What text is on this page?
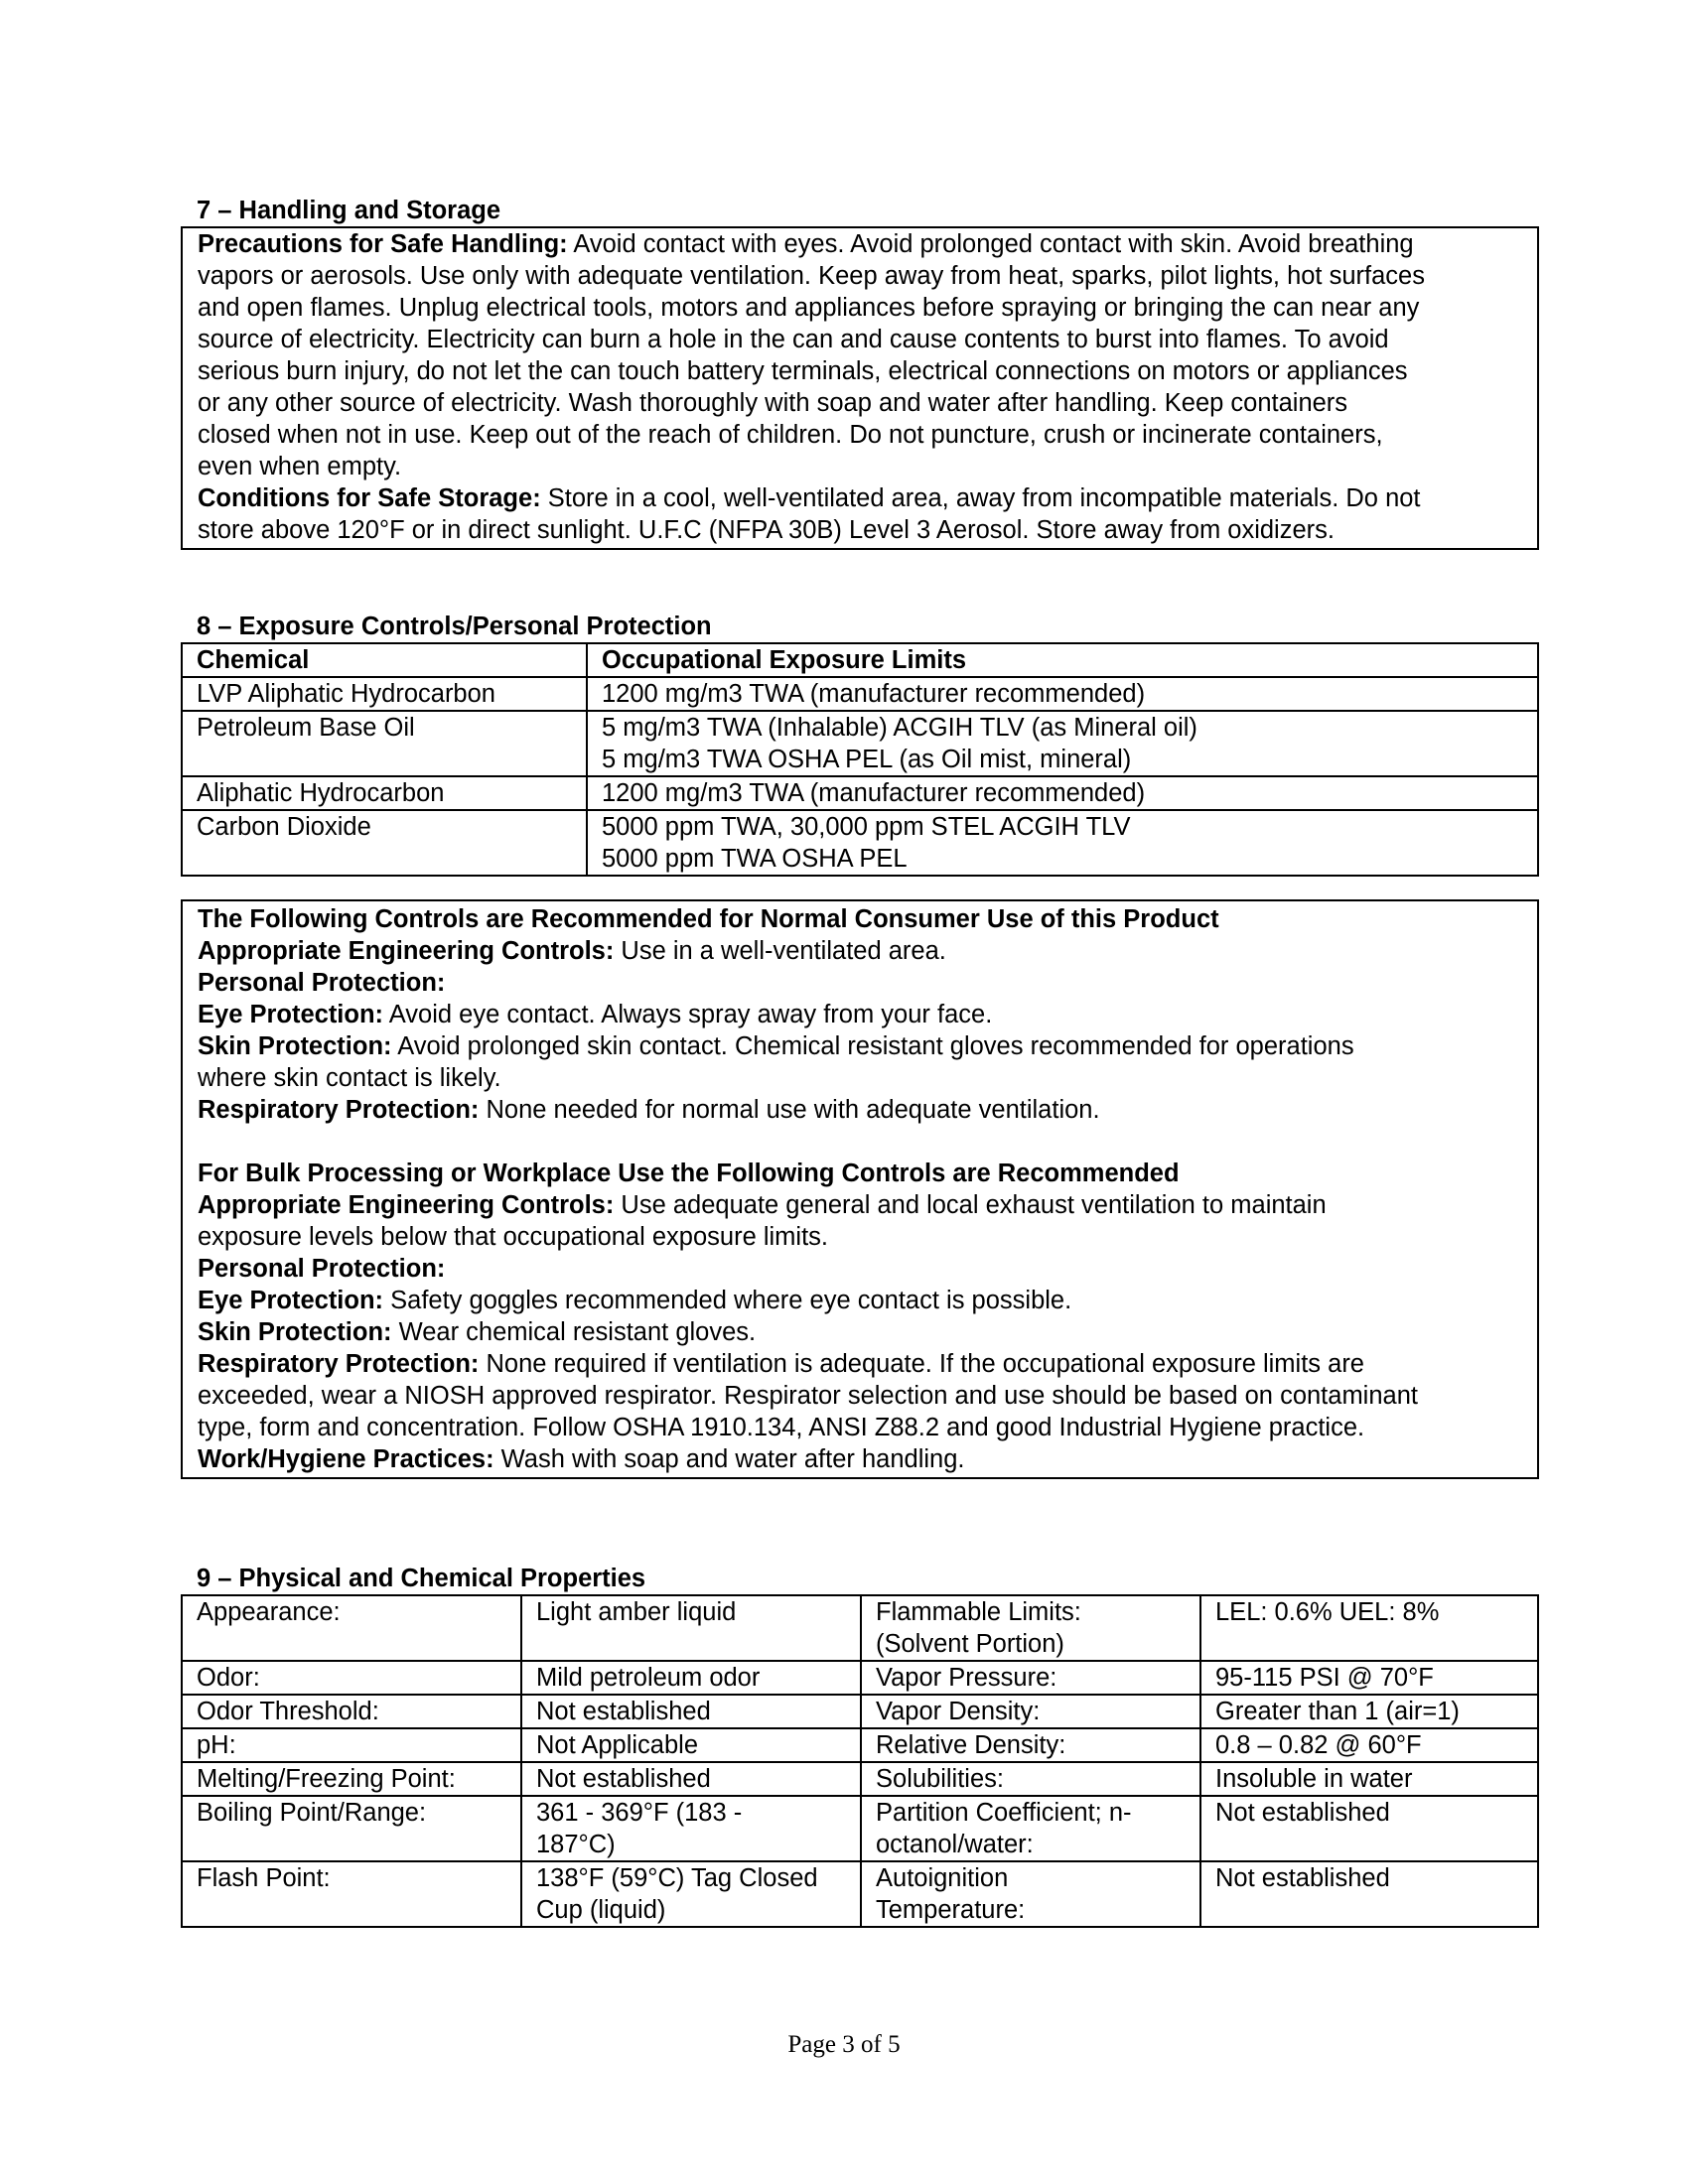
7 – Handling and Storage

Precautions for Safe Handling: Avoid contact with eyes. Avoid prolonged contact with skin. Avoid breathing
vapors or aerosols. Use only with adequate ventilation. Keep away from heat, sparks, pilot lights, hot surfaces
and open flames. Unplug electrical tools, motors and appliances before spraying or bringing the can near any
source of electricity. Electricity can burn a hole in the can and cause contents to burst into flames. To avoid
serious burn injury, do not let the can touch battery terminals, electrical connections on motors or appliances
or any other source of electricity. Wash thoroughly with soap and water after handling. Keep containers
closed when not in use. Keep out of the reach of children. Do not puncture, crush or incinerate containers,
even when empty.

Conditions for Safe Storage: Store in a cool, well-ventilated area, away from incompatible materials. Do not
store above 120°F or in direct sunlight. U.F.C (NFPA 30B) Level 3 Aerosol. Store away from oxidizers.

8 – Exposure Controls/Personal Protection
Chemical	Occupational Exposure Limits
LVP Aliphatic Hydrocarbon	1200 mg/m3 TWA (manufacturer recommended)

Petroleum Base Oil	5 mg/m3 TWA (Inhalable) ACGIH TLV (as Mineral oil)
5 mg/m3 TWA OSHA PEL (as Oil mist, mineral)

Aliphatic Hydrocarbon	1200 mg/m3 TWA (manufacturer recommended)

Carbon Dioxide	5000 ppm TWA, 30,000 ppm STEL ACGIH TLV
5000 ppm TWA OSHA PEL
The Following Controls are Recommended for Normal Consumer Use of this Product
Appropriate Engineering Controls: Use in a well-ventilated area.
Personal Protection:
Eye Protection: Avoid eye contact. Always spray away from your face.
Skin Protection: Avoid prolonged skin contact. Chemical resistant gloves recommended for operations
where skin contact is likely.
Respiratory Protection: None needed for normal use with adequate ventilation.
For Bulk Processing or Workplace Use the Following Controls are Recommended
Appropriate Engineering Controls: Use adequate general and local exhaust ventilation to maintain
exposure levels below that occupational exposure limits.
Personal Protection:
Eye Protection: Safety goggles recommended where eye contact is possible.
Skin Protection: Wear chemical resistant gloves.
Respiratory Protection: None required if ventilation is adequate. If the occupational exposure limits are
exceeded, wear a NIOSH approved respirator. Respirator selection and use should be based on contaminant
type, form and concentration. Follow OSHA 1910.134, ANSI Z88.2 and good Industrial Hygiene practice.
Work/Hygiene Practices: Wash with soap and water after handling.
9 – Physical and Chemical Properties
Appearance:	Light amber liquid	Flammable Limits:
(Solvent Portion)	LEL: 0.6% UEL: 8%

Odor:	Mild petroleum odor	Vapor Pressure:	95-115 PSI @ 70°F

Odor Threshold:	Not established	Vapor Density:	Greater than 1 (air=1)

pH:	Not Applicable	Relative Density:	0.8 – 0.82 @ 60°F

Melting/Freezing Point:	Not established	Solubilities:	Insoluble in water

Boiling Point/Range:	361 - 369°F (183 -
187°C)	Partition Coefficient; n-
octanol/water:	Not established

Flash Point:	138°F (59°C) Tag Closed
Cup (liquid)	Autoignition
Temperature:	Not established
Page 3 of 5
